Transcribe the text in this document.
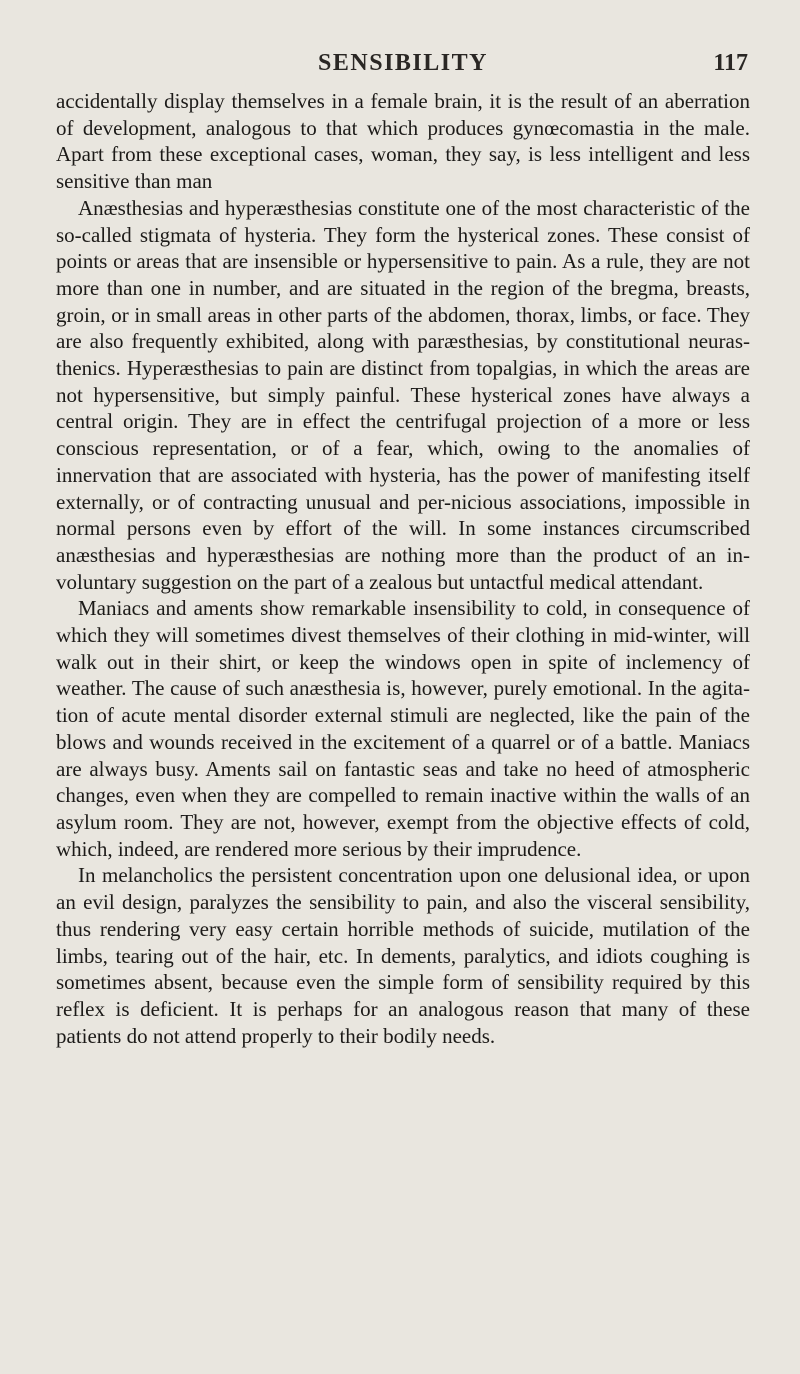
SENSIBILITY	117

accidentally display themselves in a female brain, it is the result of an aberration of development, analogous to that which produces gynœcomastia in the male. Apart from these exceptional cases, woman, they say, is less intelligent and less sensitive than man

Anæsthesias and hyperæsthesias constitute one of the most characteristic of the so-called stigmata of hysteria. They form the hysterical zones. These consist of points or areas that are insensible or hypersensitive to pain. As a rule, they are not more than one in number, and are situated in the region of the bregma, breasts, groin, or in small areas in other parts of the abdomen, thorax, limbs, or face. They are also frequently exhibited, along with paræsthesias, by constitutional neuras-thenics. Hyperæsthesias to pain are distinct from topalgias, in which the areas are not hypersensitive, but simply painful. These hysterical zones have always a central origin. They are in effect the centrifugal projection of a more or less conscious representation, or of a fear, which, owing to the anomalies of innervation that are associated with hysteria, has the power of manifesting itself externally, or of contracting unusual and per-nicious associations, impossible in normal persons even by effort of the will. In some instances circumscribed anæsthesias and hyperæsthesias are nothing more than the product of an in-voluntary suggestion on the part of a zealous but untactful medical attendant.

Maniacs and aments show remarkable insensibility to cold, in consequence of which they will sometimes divest themselves of their clothing in mid-winter, will walk out in their shirt, or keep the windows open in spite of inclemency of weather. The cause of such anæsthesia is, however, purely emotional. In the agita-tion of acute mental disorder external stimuli are neglected, like the pain of the blows and wounds received in the excitement of a quarrel or of a battle. Maniacs are always busy. Aments sail on fantastic seas and take no heed of atmospheric changes, even when they are compelled to remain inactive within the walls of an asylum room. They are not, however, exempt from the objective effects of cold, which, indeed, are rendered more serious by their imprudence.

In melancholics the persistent concentration upon one delusional idea, or upon an evil design, paralyzes the sensibility to pain, and also the visceral sensibility, thus rendering very easy certain horrible methods of suicide, mutilation of the limbs, tearing out of the hair, etc. In dements, paralytics, and idiots coughing is sometimes absent, because even the simple form of sensibility required by this reflex is deficient. It is perhaps for an analogous reason that many of these patients do not attend properly to their bodily needs.
